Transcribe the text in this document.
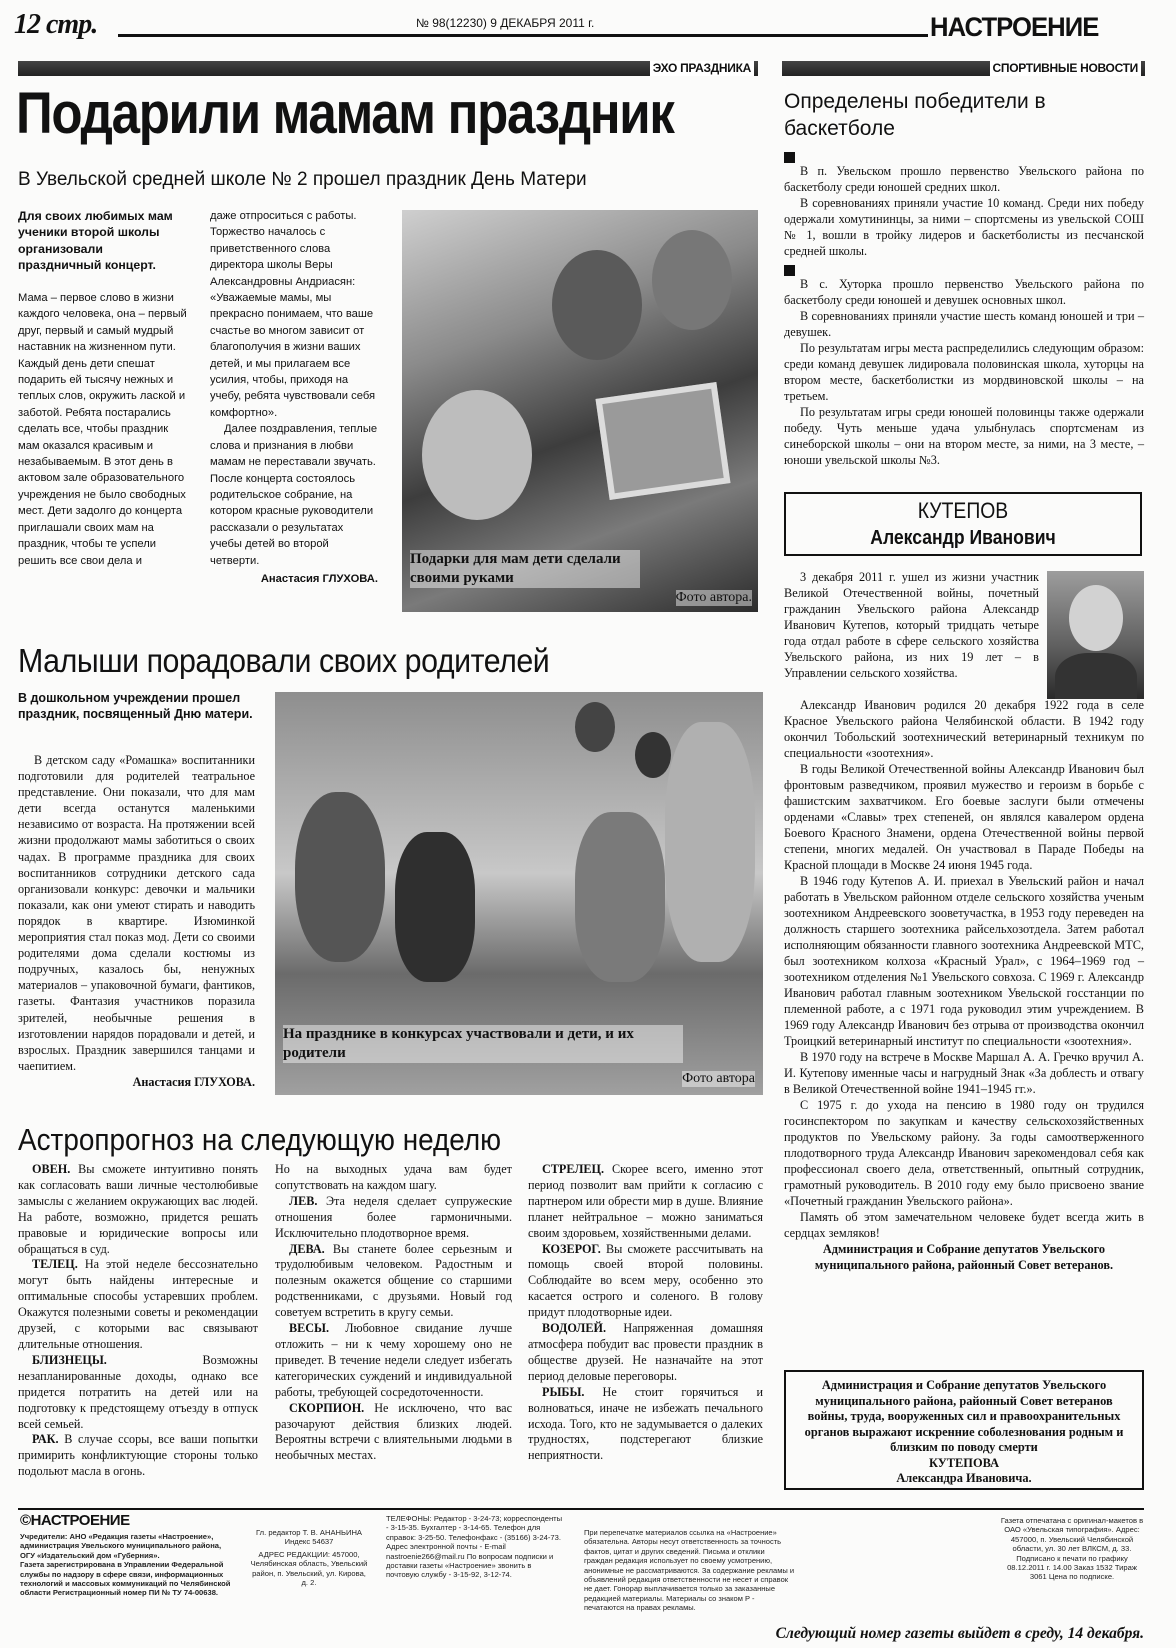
12 стр.	№ 98(12230) 9 ДЕКАБРЯ 2011 г.	НАСТРОЕНИЕ
ЭХО ПРАЗДНИКА
Подарили мамам праздник
В Увельской средней школе № 2 прошел праздник День Матери
Для своих любимых мам ученики второй школы организовали праздничный концерт.

Мама – первое слово в жизни каждого человека, она – первый друг, первый и самый мудрый наставник на жизненном пути. Каждый день дети спешат подарить ей тысячу нежных и теплых слов, окружить лаской и заботой. Ребята постарались сделать все, чтобы праздник мам оказался красивым и незабываемым. В этот день в актовом зале образовательного учреждения не было свободных мест. Дети задолго до концерта приглашали своих мам на праздник, чтобы те успели решить все свои дела и

даже отпроситься с работы. Торжество началось с приветственного слова директора школы Веры Александровны Андриасян: «Уважаемые мамы, мы прекрасно понимаем, что ваше счастье во многом зависит от благополучия в жизни ваших детей, и мы прилагаем все усилия, чтобы, приходя на учебу, ребята чувствовали себя комфортно».

Далее поздравления, теплые слова и признания в любви мамам не переставали звучать. После концерта состоялось родительское собрание, на котором красные руководители рассказали о результатах учебы детей во второй четверти.

Анастасия ГЛУХОВА.

Подарки для мам дети сделали своими руками
Фото автора.
Малыши порадовали своих родителей
В дошкольном учреждении прошел праздник, посвященный Дню матери.

В детском саду «Ромашка» воспитанники подготовили для родителей театральное представление. Они показали, что для мам дети всегда останутся маленькими независимо от возраста. На протяжении всей жизни продолжают мамы заботиться о своих чадах. В программе праздника для своих воспитанников сотрудники детского сада организовали конкурс: девочки и мальчики показали, как они умеют стирать и наводить порядок в квартире. Изюминкой мероприятия стал показ мод. Дети со своими родителями дома сделали костюмы из подручных, казалось бы, ненужных материалов – упаковочной бумаги, фантиков, газеты. Фантазия участников поразила зрителей, необычные решения в изготовлении нарядов порадовали и детей, и взрослых. Праздник завершился танцами и чаепитием.

Анастасия ГЛУХОВА.

На празднике в конкурсах участвовали и дети, и их родители
Фото автора
Астропрогноз на следующую неделю

ОВЕН. Вы сможете интуитивно понять как согласовать ваши личные честолюбивые замыслы с желанием окружающих вас людей. На работе, возможно, придется решать правовые и юридические вопросы или обращаться в суд.

ТЕЛЕЦ. На этой неделе бессознательно могут быть найдены интересные и оптимальные способы устаревших проблем. Окажутся полезными советы и рекомендации друзей, с которыми вас связывают длительные отношения.

БЛИЗНЕЦЫ. Возможны незапланированные доходы, однако все придется потратить на детей или на подготовку к предстоящему отъезду в отпуск всей семьей.

РАК. В случае ссоры, все ваши попытки примирить конфликтующие стороны только подольют масла в огонь.

Но на выходных удача вам будет сопутствовать на каждом шагу.

ЛЕВ. Эта неделя сделает супружеские отношения более гармоничными. Исключительно плодотворное время.

ДЕВА. Вы станете более серьезным и трудолюбивым человеком. Радостным и полезным окажется общение со старшими родственниками, с друзьями. Новый год советуем встретить в кругу семьи.

ВЕСЫ. Любовное свидание лучше отложить – ни к чему хорошему оно не приведет. В течение недели следует избегать категорических суждений и индивидуальной работы, требующей сосредоточенности.

СКОРПИОН. Не исключено, что вас разочаруют действия близких людей. Вероятны встречи с влиятельными людьми в необычных местах.

СТРЕЛЕЦ. Скорее всего, именно этот период позволит вам прийти к согласию с партнером или обрести мир в душе. Влияние планет нейтральное – можно заниматься своим здоровьем, хозяйственными делами.

КОЗЕРОГ. Вы сможете рассчитывать на помощь своей второй половины. Соблюдайте во всем меру, особенно это касается острого и соленого. В голову придут плодотворные идеи.

ВОДОЛЕЙ. Напряженная домашняя атмосфера побудит вас провести праздник в обществе друзей. Не назначайте на этот период деловые переговоры.

РЫБЫ. Не стоит горячиться и волноваться, иначе не избежать печального исхода. Того, кто не задумывается о далеких трудностях, подстерегают близкие неприятности.

СПОРТИВНЫЕ НОВОСТИ
Определены победители в баскетболе

В п. Увельском прошло первенство Увельского района по баскетболу среди юношей средних школ.

В соревнованиях приняли участие 10 команд. Среди них победу одержали хомутининцы, за ними – спортсмены из увельской СОШ № 1, вошли в тройку лидеров и баскетболисты из песчанской средней школы.

В с. Хуторка прошло первенство Увельского района по баскетболу среди юношей и девушек основных школ.

В соревнованиях приняли участие шесть команд юношей и три – девушек.

По результатам игры места распределились следующим образом: среди команд девушек лидировала половинская школа, хуторцы на втором месте, баскетболистки из мордвиновской школы – на третьем.

По результатам игры среди юношей половинцы также одержали победу. Чуть меньше удача улыбнулась спортсменам из синеборской школы – они на втором месте, за ними, на 3 месте, – юноши увельской школы №3.

КУТЕПОВ
Александр Иванович

3 декабря 2011 г. ушел из жизни участник Великой Отечественной войны, почетный гражданин Увельского района Александр Иванович Кутепов, который тридцать четыре года отдал работе в сфере сельского хозяйства Увельского района, из них 19 лет – в Управлении сельского хозяйства.

Александр Иванович родился 20 декабря 1922 года в селе Красное Увельского района Челябинской области. В 1942 году окончил Тобольский зоотехнический ветеринарный техникум по специальности «зоотехния».

В годы Великой Отечественной войны Александр Иванович был фронтовым разведчиком, проявил мужество и героизм в борьбе с фашистским захватчиком. Его боевые заслуги были отмечены орденами «Славы» трех степеней, он являлся кавалером ордена Боевого Красного Знамени, ордена Отечественной войны первой степени, многих медалей. Он участвовал в Параде Победы на Красной площади в Москве 24 июня 1945 года.

В 1946 году Кутепов А. И. приехал в Увельский район и начал работать в Увельском районном отделе сельского хозяйства ученым зоотехником Андреевского зооветучастка, в 1953 году переведен на должность старшего зоотехника райсельхозотдела. Затем работал исполняющим обязанности главного зоотехника Андреевской МТС, был зоотехником колхоза «Красный Урал», с 1964–1969 год – зоотехником отделения №1 Увельского совхоза. С 1969 г. Александр Иванович работал главным зоотехником Увельской госстанции по племенной работе, а с 1971 года руководил этим учреждением. В 1969 году Александр Иванович без отрыва от производства окончил Троицкий ветеринарный институт по специальности «зоотехния».

В 1970 году на встрече в Москве Маршал А. А. Гречко вручил А. И. Кутепову именные часы и нагрудный Знак «За доблесть и отвагу в Великой Отечественной войне 1941–1945 гг.».

С 1975 г. до ухода на пенсию в 1980 году он трудился госинспектором по закупкам и качеству сельскохозяйственных продуктов по Увельскому району. За годы самоотверженного плодотворного труда Александр Иванович зарекомендовал себя как профессионал своего дела, ответственный, опытный сотрудник, грамотный руководитель. В 2010 году ему было присвоено звание «Почетный гражданин Увельского района».

Память об этом замечательном человеке будет всегда жить в сердцах земляков!

Администрация и Собрание депутатов Увельского муниципального района, районный Совет ветеранов.

Администрация и Собрание депутатов Увельского муниципального района, районный Совет ветеранов войны, труда, вооруженных сил и правоохранительных органов выражают искренние соболезнования родным и близким по поводу смерти
КУТЕПОВА
Александра Ивановича.
©НАСТРОЕНИЕ

Учредители: АНО «Редакция газеты «Настроение», администрация Увельского муниципального района, ОГУ «Издательский дом «Губерния».

Газета зарегистрирована в Управлении Федеральной службы по надзору в сфере связи, информационных технологий и массовых коммуникаций по Челябинской области Регистрационный номер ПИ № ТУ 74-00638.

Гл. редактор Т. В. АНАНЬИНА Индекс 54637

АДРЕС РЕДАКЦИИ: 457000, Челябинская область, Увельский район, п. Увельский, ул. Кирова, д. 2.

ТЕЛЕФОНЫ: Редактор - 3-24-73; корреспонденты - 3-15-35. Бухгалтер - 3-14-65. Телефон для справок: 3-25-50. Телефонфакс - (35166) 3-24-73. Адрес электронной почты - E-mail nastroenie266@mail.ru По вопросам подписки и доставки газеты «Настроение» звонить в почтовую службу - 3-15-92, 3-12-74.
При перепечатке материалов ссылка на «Настроение» обязательна. Авторы несут ответственность за точность фактов, цитат и других сведений. Письма и отклики граждан редакция использует по своему усмотрению, анонимные не рассматриваются. За содержание рекламы и объявлений редакция ответственности не несет и справок не дает. Гонорар выплачивается только за заказанные редакцией материалы. Материалы со знаком Р - печатаются на правах рекламы.
Газета отпечатана с оригинал-макетов в ОАО «Увельская типография». Адрес: 457000, п. Увельский Челябинской области, ул. 30 лет ВЛКСМ, д. 33. Подписано к печати по графику 08.12.2011 г. 14.00 Заказ 1532 Тираж 3061 Цена по подписке.
Следующий номер газеты выйдет в среду, 14 декабря.
